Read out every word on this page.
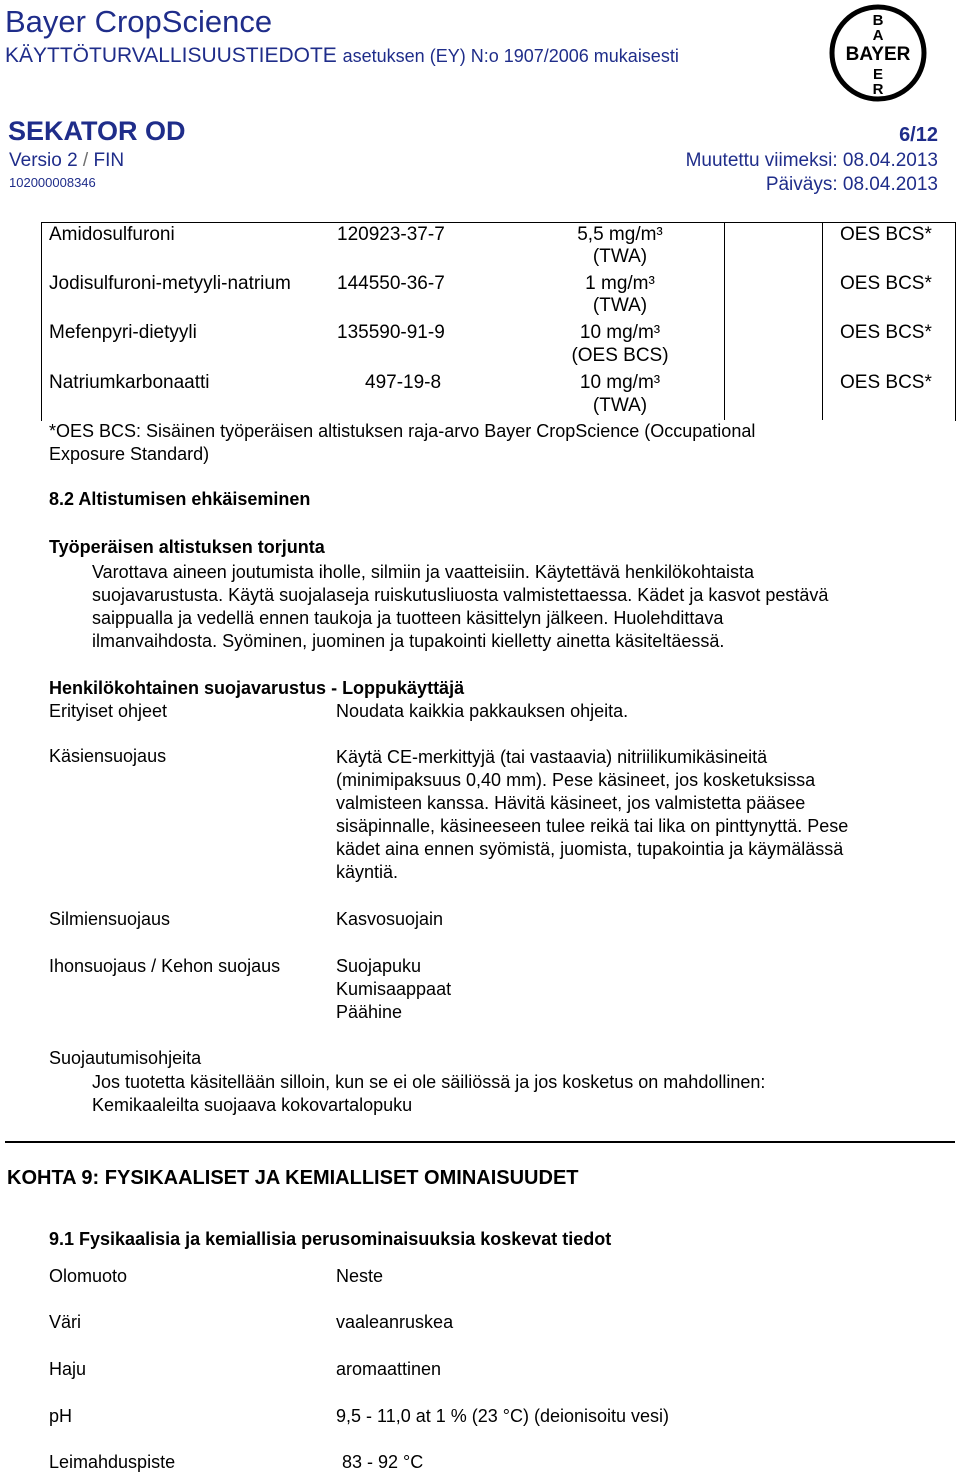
Bayer CropScience
KÄYTTÖTURVALLISUUSTIEDOTE asetuksen (EY) N:o 1907/2006 mukaisesti
SEKATOR OD	6/12
Versio 2 / FIN	Muutettu viimeksi: 08.04.2013
102000008346	Päiväys: 08.04.2013
B
A
BAYER
E
R
Amidosulfuroni	120923-37-7	5,5 mg/m³
(TWA)
OES BCS*
Jodisulfuroni-metyyli-natrium 144550-36-7	1 mg/m³
(TWA)
OES BCS*
Mefenpyri-dietyyli	135590-91-9	10 mg/m³
(OES BCS)
OES BCS*
Natriumkarbonaatti	497-19-8	10 mg/m³
(TWA)
OES BCS*
*OES BCS: Sisäinen työperäisen altistuksen raja-arvo Bayer CropScience (Occupational
Exposure Standard)
8.2 Altistumisen ehkäiseminen
Työperäisen altistuksen torjunta
Varottava aineen joutumista iholle, silmiin ja vaatteisiin. Käytettävä henkilökohtaista
suojavarustusta. Käytä suojalaseja ruiskutusliuosta valmistettaessa. Kädet ja kasvot pestävä
saippualla ja vedellä ennen taukoja ja tuotteen käsittelyn jälkeen. Huolehdittava
ilmanvaihdosta. Syöminen, juominen ja tupakointi kielletty ainetta käsiteltäessä.
Henkilökohtainen suojavarustus - Loppukäyttäjä
Erityiset ohjeet	Noudata kaikkia pakkauksen ohjeita.
Käsiensuojaus	Käytä CE-merkittyjä (tai vastaavia) nitriilikumikäsineitä
(minimipaksuus 0,40 mm). Pese käsineet, jos kosketuksissa
valmisteen kanssa. Hävitä käsineet, jos valmistetta pääsee
sisäpinnalle, käsineeseen tulee reikä tai lika on pinttynyttä. Pese
kädet aina ennen syömistä, juomista, tupakointia ja käymälässä
käyntiä.
Silmiensuojaus	Kasvosuojain
Ihonsuojaus / Kehon suojaus	Suojapuku
Kumisaappaat
Päähine
Suojautumisohjeita
Jos tuotetta käsitellään silloin, kun se ei ole säiliössä ja jos kosketus on mahdollinen:
Kemikaaleilta suojaava kokovartalopuku
KOHTA 9: FYSIKAALISET JA KEMIALLISET OMINAISUUDET
9.1 Fysikaalisia ja kemiallisia perusominaisuuksia koskevat tiedot
Olomuoto	Neste
Väri	vaaleanruskea
Haju	aromaattinen
pH	9,5 - 11,0 at 1 % (23 °C) (deionisoitu vesi)
Leimahduspiste	83 - 92 °C
